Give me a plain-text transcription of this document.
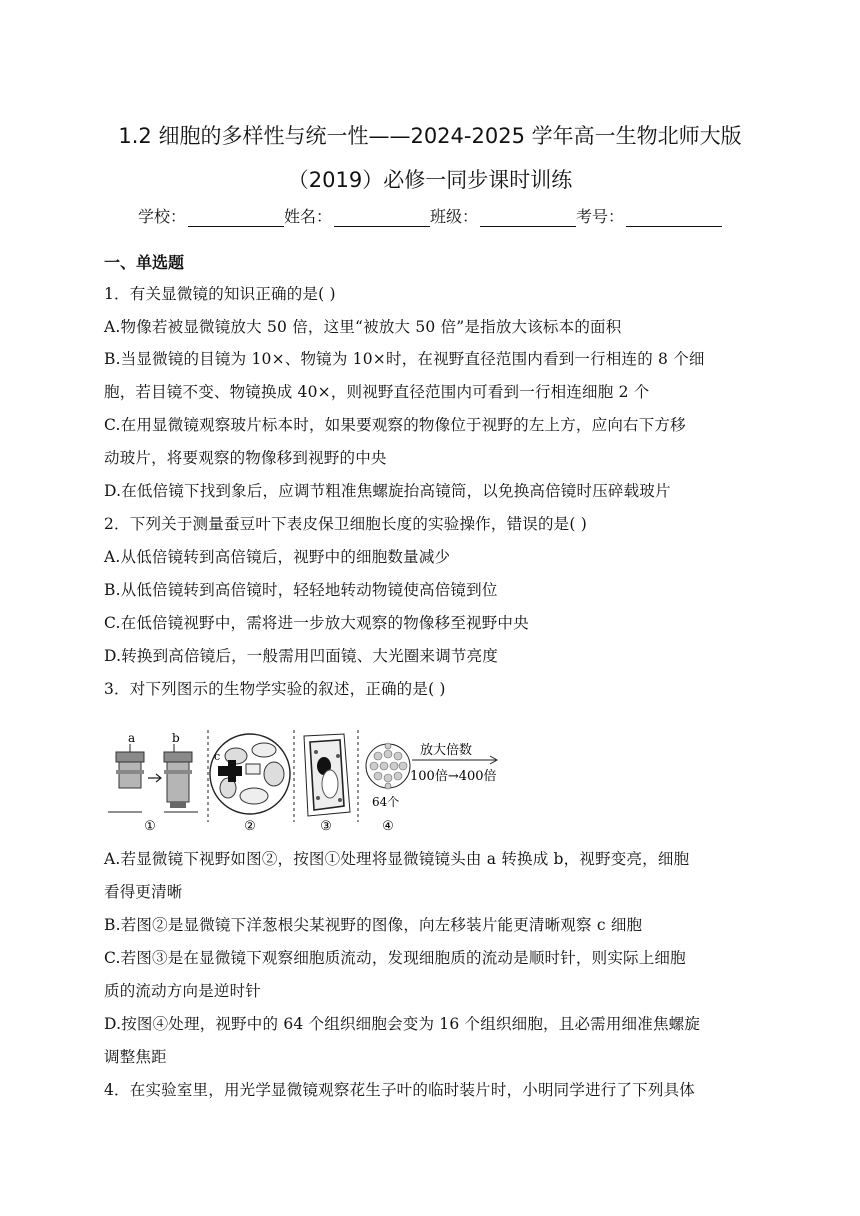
1.2 细胞的多样性与统一性——2024-2025 学年高一生物北师大版
（2019）必修一同步课时训练
学校：	姓名：	班级：	考号：
一、单选题
1．有关显微镜的知识正确的是( )
A.物像若被显微镜放大 50 倍，这里“被放大 50 倍”是指放大该标本的面积
B.当显微镜的目镜为 10×、物镜为 10×时，在视野直径范围内看到一行相连的 8 个细
胞，若目镜不变、物镜换成 40×，则视野直径范围内可看到一行相连细胞 2 个
C.在用显微镜观察玻片标本时，如果要观察的物像位于视野的左上方，应向右下方移
动玻片，将要观察的物像移到视野的中央
D.在低倍镜下找到象后，应调节粗准焦螺旋抬高镜筒，以免换高倍镜时压碎载玻片
2．下列关于测量蚕豆叶下表皮保卫细胞长度的实验操作，错误的是( )
A.从低倍镜转到高倍镜后，视野中的细胞数量减少
B.从低倍镜转到高倍镜时，轻轻地转动物镜使高倍镜到位
C.在低倍镜视野中，需将进一步放大观察的物像移至视野中央
D.转换到高倍镜后，一般需用凹面镜、大光圈来调节亮度
3．对下列图示的生物学实验的叙述，正确的是( )
a	b
①
c
②	③
64个
放大倍数
100倍→400倍
④
A.若显微镜下视野如图②，按图①处理将显微镜镜头由 a 转换成 b，视野变亮，细胞
看得更清晰
B.若图②是显微镜下洋葱根尖某视野的图像，向左移装片能更清晰观察 c 细胞
C.若图③是在显微镜下观察细胞质流动，发现细胞质的流动是顺时针，则实际上细胞
质的流动方向是逆时针
D.按图④处理，视野中的 64 个组织细胞会变为 16 个组织细胞，且必需用细准焦螺旋
调整焦距
4．在实验室里，用光学显微镜观察花生子叶的临时装片时，小明同学进行了下列具体
